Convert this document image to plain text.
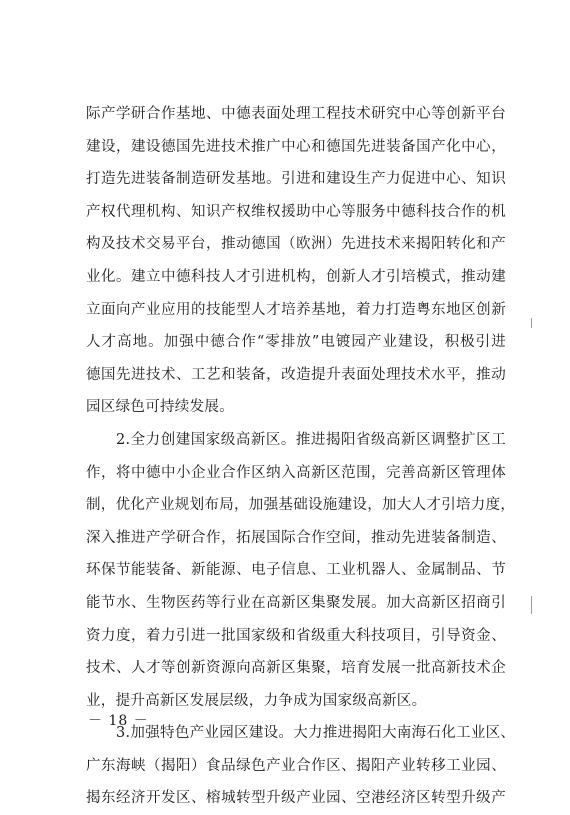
际产学研合作基地、中德表面处理工程技术研究中心等创新平台
建设，建设德国先进技术推广中心和德国先进装备国产化中心，
打造先进装备制造研发基地。引进和建设生产力促进中心、知识
产权代理机构、知识产权维权援助中心等服务中德科技合作的机
构及技术交易平台，推动德国（欧洲）先进技术来揭阳转化和产
业化。建立中德科技人才引进机构，创新人才引培模式，推动建
立面向产业应用的技能型人才培养基地，着力打造粤东地区创新
人才高地。加强中德合作“零排放”电镀园产业建设，积极引进
德国先进技术、工艺和装备，改造提升表面处理技术水平，推动
园区绿色可持续发展。
2.全力创建国家级高新区。推进揭阳省级高新区调整扩区工
作，将中德中小企业合作区纳入高新区范围，完善高新区管理体
制，优化产业规划布局，加强基础设施建设，加大人才引培力度，
深入推进产学研合作，拓展国际合作空间，推动先进装备制造、
环保节能装备、新能源、电子信息、工业机器人、金属制品、节
能节水、生物医药等行业在高新区集聚发展。加大高新区招商引
资力度，着力引进一批国家级和省级重大科技项目，引导资金、
技术、人才等创新资源向高新区集聚，培育发展一批高新技术企
业，提升高新区发展层级，力争成为国家级高新区。
3.加强特色产业园区建设。大力推进揭阳大南海石化工业区、
广东海峡（揭阳）食品绿色产业合作区、揭阳产业转移工业园、
揭东经济开发区、榕城转型升级产业园、空港经济区转型升级产
－ 18 －
